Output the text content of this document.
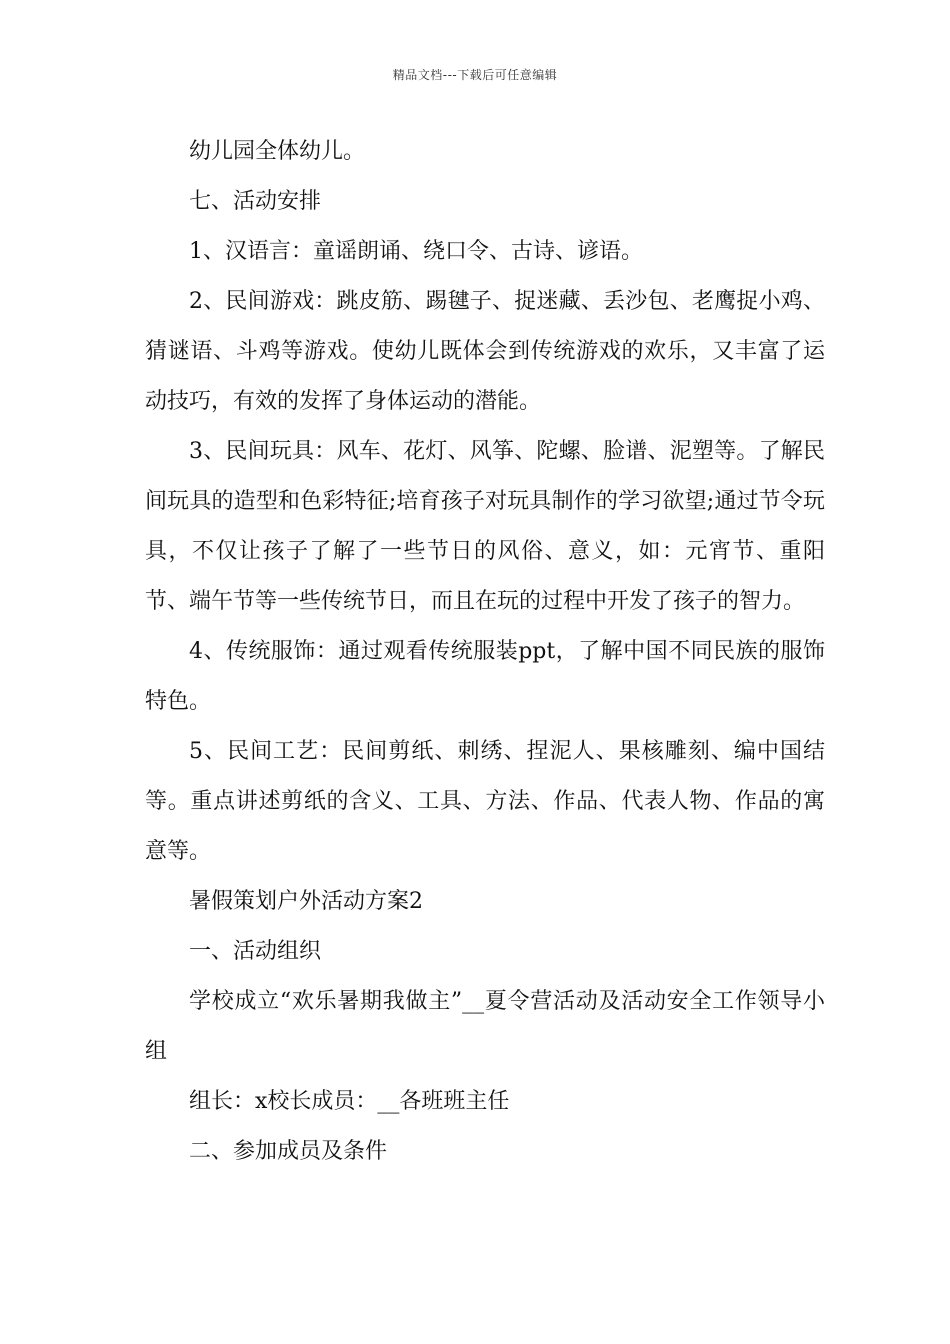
精品文档---下载后可任意编辑

幼儿园全体幼儿。

七、活动安排

1、汉语言：童谣朗诵、绕口令、古诗、谚语。

2、民间游戏：跳皮筋、踢毽子、捉迷藏、丢沙包、老鹰捉小鸡、猜谜语、斗鸡等游戏。使幼儿既体会到传统游戏的欢乐，又丰富了运动技巧，有效的发挥了身体运动的潜能。

3、民间玩具：风车、花灯、风筝、陀螺、脸谱、泥塑等。了解民间玩具的造型和色彩特征;培育孩子对玩具制作的学习欲望;通过节令玩具，不仅让孩子了解了一些节日的风俗、意义，如：元宵节、重阳节、端午节等一些传统节日，而且在玩的过程中开发了孩子的智力。

4、传统服饰：通过观看传统服装ppt，了解中国不同民族的服饰特色。

5、民间工艺：民间剪纸、刺绣、捏泥人、果核雕刻、编中国结等。重点讲述剪纸的含义、工具、方法、作品、代表人物、作品的寓意等。

暑假策划户外活动方案2

一、活动组织

学校成立“欢乐暑期我做主”__夏令营活动及活动安全工作领导小组

组长：x校长成员：__各班班主任

二、参加成员及条件
